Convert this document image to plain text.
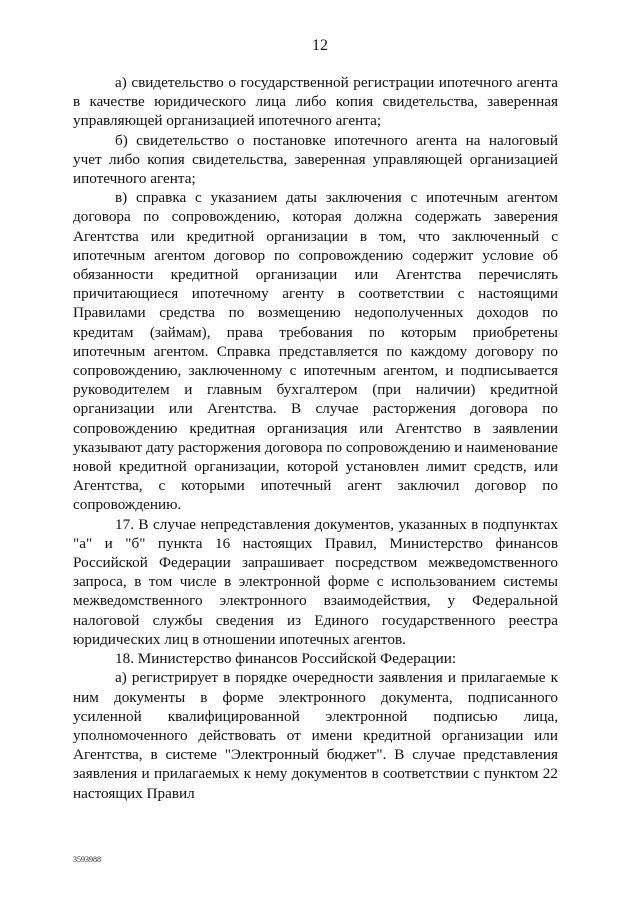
12

а) свидетельство о государственной регистрации ипотечного агента в качестве юридического лица либо копия свидетельства, заверенная управляющей организацией ипотечного агента;

б) свидетельство о постановке ипотечного агента на налоговый учет либо копия свидетельства, заверенная управляющей организацией ипотечного агента;

в) справка с указанием даты заключения с ипотечным агентом договора по сопровождению, которая должна содержать заверения Агентства или кредитной организации в том, что заключенный с ипотечным агентом договор по сопровождению содержит условие об обязанности кредитной организации или Агентства перечислять причитающиеся ипотечному агенту в соответствии с настоящими Правилами средства по возмещению недополученных доходов по кредитам (займам), права требования по которым приобретены ипотечным агентом. Справка представляется по каждому договору по сопровождению, заключенному с ипотечным агентом, и подписывается руководителем и главным бухгалтером (при наличии) кредитной организации или Агентства. В случае расторжения договора по сопровождению кредитная организация или Агентство в заявлении указывают дату расторжения договора по сопровождению и наименование новой кредитной организации, которой установлен лимит средств, или Агентства, с которыми ипотечный агент заключил договор по сопровождению.

17. В случае непредставления документов, указанных в подпунктах "а" и "б" пункта 16 настоящих Правил, Министерство финансов Российской Федерации запрашивает посредством межведомственного запроса, в том числе в электронной форме с использованием системы межведомственного электронного взаимодействия, у Федеральной налоговой службы сведения из Единого государственного реестра юридических лиц в отношении ипотечных агентов.

18. Министерство финансов Российской Федерации:

а) регистрирует в порядке очередности заявления и прилагаемые к ним документы в форме электронного документа, подписанного усиленной квалифицированной электронной подписью лица, уполномоченного действовать от имени кредитной организации или Агентства, в системе "Электронный бюджет". В случае представления заявления и прилагаемых к нему документов в соответствии с пунктом 22 настоящих Правил

3593988
